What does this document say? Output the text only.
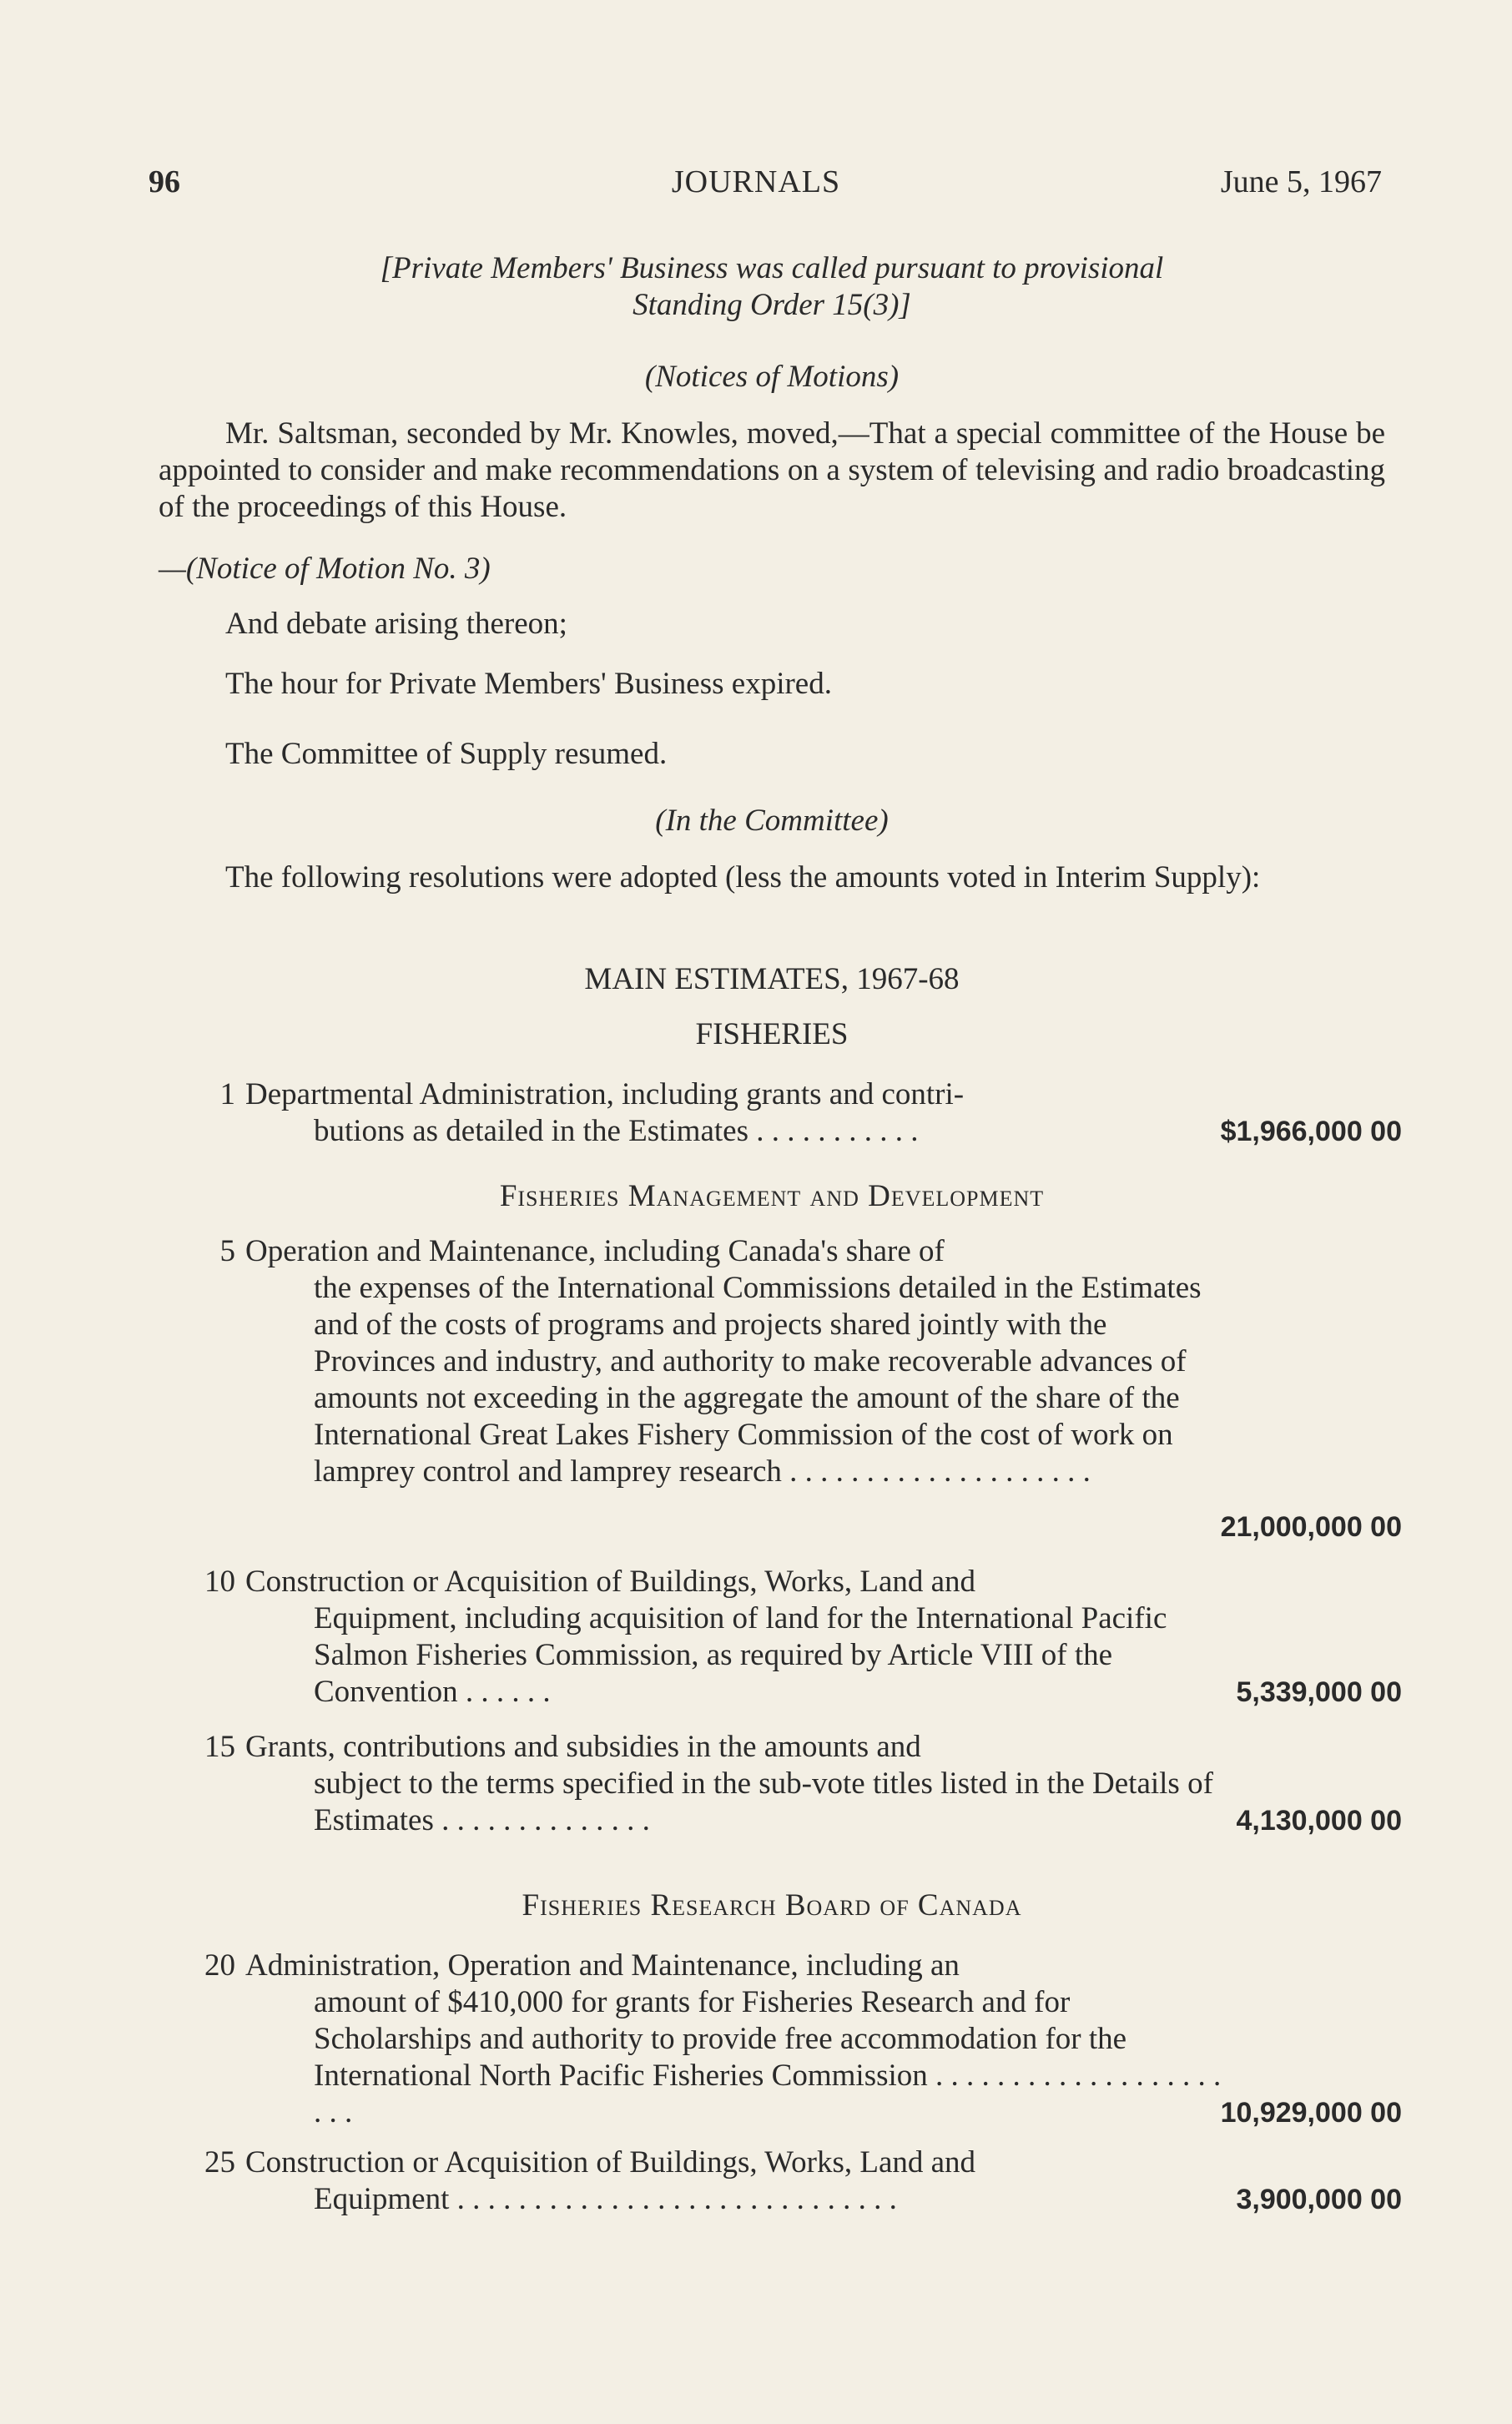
96	JOURNALS	June 5, 1967

[Private Members' Business was called pursuant to provisional

Standing Order 15(3)]

(Notices of Motions)
Mr. Saltsman, seconded by Mr. Knowles, moved,—That a special committee of the House be appointed to consider and make recommendations on a system of televising and radio broadcasting of the proceedings of this House.
—(Notice of Motion No. 3)
And debate arising thereon;
The hour for Private Members' Business expired.
The Committee of Supply resumed.
(In the Committee)
The following resolutions were adopted (less the amounts voted in Interim Supply):
MAIN ESTIMATES, 1967-68
FISHERIES
1 Departmental Administration, including grants and contri-
butions as detailed in the Estimates . . . . . . . . . . .	$1,966,000 00
Fisheries Management and Development
5 Operation and Maintenance, including Canada's share of
the expenses of the International Commissions detailed in the Estimates and of the costs of programs and projects shared jointly with the Provinces and industry, and authority to make recoverable advances of amounts not exceeding in the aggregate the amount of the share of the International Great Lakes Fishery Commission of the cost of work on lamprey control and lamprey research . . . . . . . . . . . . . . . . . . . .
21,000,000 00
10 Construction or Acquisition of Buildings, Works, Land and
Equipment, including acquisition of land for the International Pacific Salmon Fisheries Commission, as required by Article VIII of the Convention . . . . . .	5,339,000 00
15 Grants, contributions and subsidies in the amounts and
subject to the terms specified in the sub-vote titles listed in the Details of Estimates . . . . . . . . . . . . . .	4,130,000 00
Fisheries Research Board of Canada
20 Administration, Operation and Maintenance, including an
amount of $410,000 for grants for Fisheries Research and for Scholarships and authority to provide free accommodation for the International North Pacific Fisheries Commission . . . . . . . . . . . . . . . . . . . . . .	10,929,000 00
25 Construction or Acquisition of Buildings, Works, Land and
Equipment . . . . . . . . . . . . . . . . . . . . . . . . . . . . .	3,900,000 00
